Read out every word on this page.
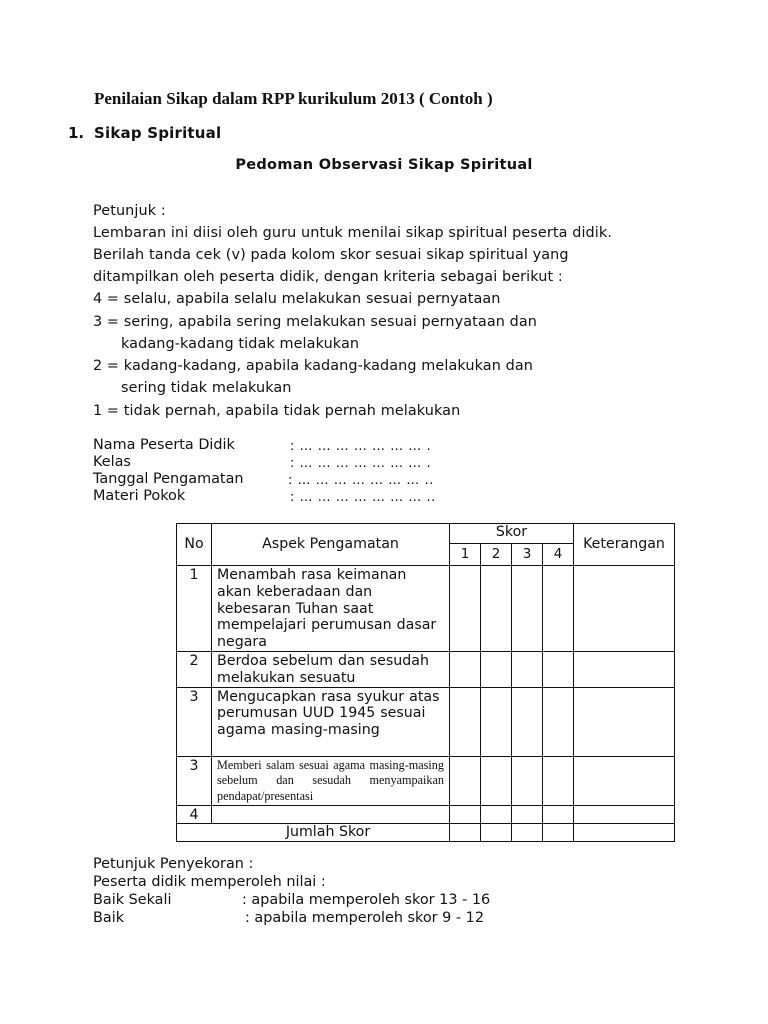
Penilaian Sikap dalam RPP kurikulum 2013 ( Contoh )
1. Sikap Spiritual
Pedoman Observasi Sikap Spiritual
Petunjuk :
Lembaran ini diisi oleh guru untuk menilai sikap spiritual peserta didik.
Berilah tanda cek (v) pada kolom skor sesuai sikap spiritual yang
ditampilkan oleh peserta didik, dengan kriteria sebagai berikut :
4 = selalu, apabila selalu melakukan sesuai pernyataan
3 = sering, apabila sering melakukan sesuai pernyataan dan
kadang-kadang tidak melakukan
2 = kadang-kadang, apabila kadang-kadang melakukan dan
sering tidak melakukan
1 = tidak pernah, apabila tidak pernah melakukan
Nama Peserta Didik	: … … … … … … … .
Kelas	: … … … … … … … .
Tanggal Pengamatan	: … … … … … … … ..
Materi Pokok	: … … … … … … … ..
No	Aspek Pengamatan	Skor				Keterangan
		1	2	3	4	
1	Menambah rasa keimanan akan keberadaan dan kebesaran Tuhan saat mempelajari perumusan dasar negara					
2	Berdoa sebelum dan sesudah melakukan sesuatu					
3	Mengucapkan rasa syukur atas perumusan UUD 1945 sesuai agama masing-masing					
3	Memberi salam sesuai agama masing-masing sebelum dan sesudah menyampaikan pendapat/presentasi					
4						
Jumlah Skor						
Petunjuk Penyekoran :
Peserta didik memperoleh nilai :
Baik Sekali	: apabila memperoleh skor 13 - 16
Baik	: apabila memperoleh skor 9 - 12
